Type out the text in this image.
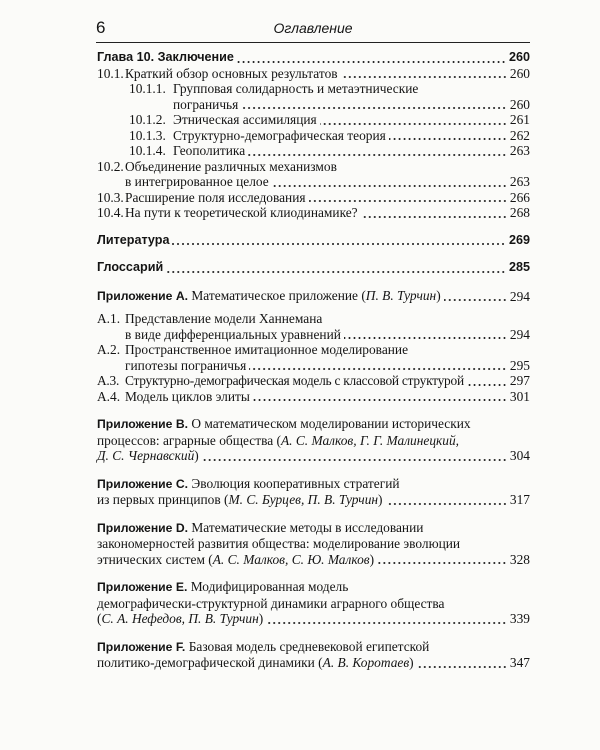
6	Оглавление
Глава 10. Заключение	260
10.1.Краткий обзор основных результатов	260
10.1.1. Групповая солидарность и метаэтнические
пограничья	260
10.1.2. Этническая ассимиляция	261
10.1.3. Структурно-демографическая теория	262
10.1.4. Геополитика	263
10.2.Объединение различных механизмов
в интегрированное целое	263
10.3.Расширение поля исследования	266
10.4.На пути к теоретической клиодинамике?	268
Литература	269
Глоссарий	285
Приложение А. Математическое приложение (П. В. Турчин)	294
А.1. Представление модели Ханнемана
в виде дифференциальных уравнений	294
А.2. Пространственное имитационное моделирование
гипотезы пограничья	295
А.3. Структурно-демографическая модель с классовой структурой	297
А.4. Модель циклов элиты	301
Приложение В. О математическом моделировании исторических
процессов: аграрные общества (А. С. Малков, Г. Г. Малинецкий,
Д. С. Чернавский)	304
Приложение С. Эволюция кооперативных стратегий
из первых принципов (М. С. Бурцев, П. В. Турчин)	317
Приложение D. Математические методы в исследовании
закономерностей развития общества: моделирование эволюции
этнических систем (А. С. Малков, С. Ю. Малков)	328
Приложение Е. Модифицированная модель
демографически-структурной динамики аграрного общества
(С. А. Нефедов, П. В. Турчин)	339
Приложение F. Базовая модель средневековой египетской
политико-демографической динамики (А. В. Коротаев)	347
